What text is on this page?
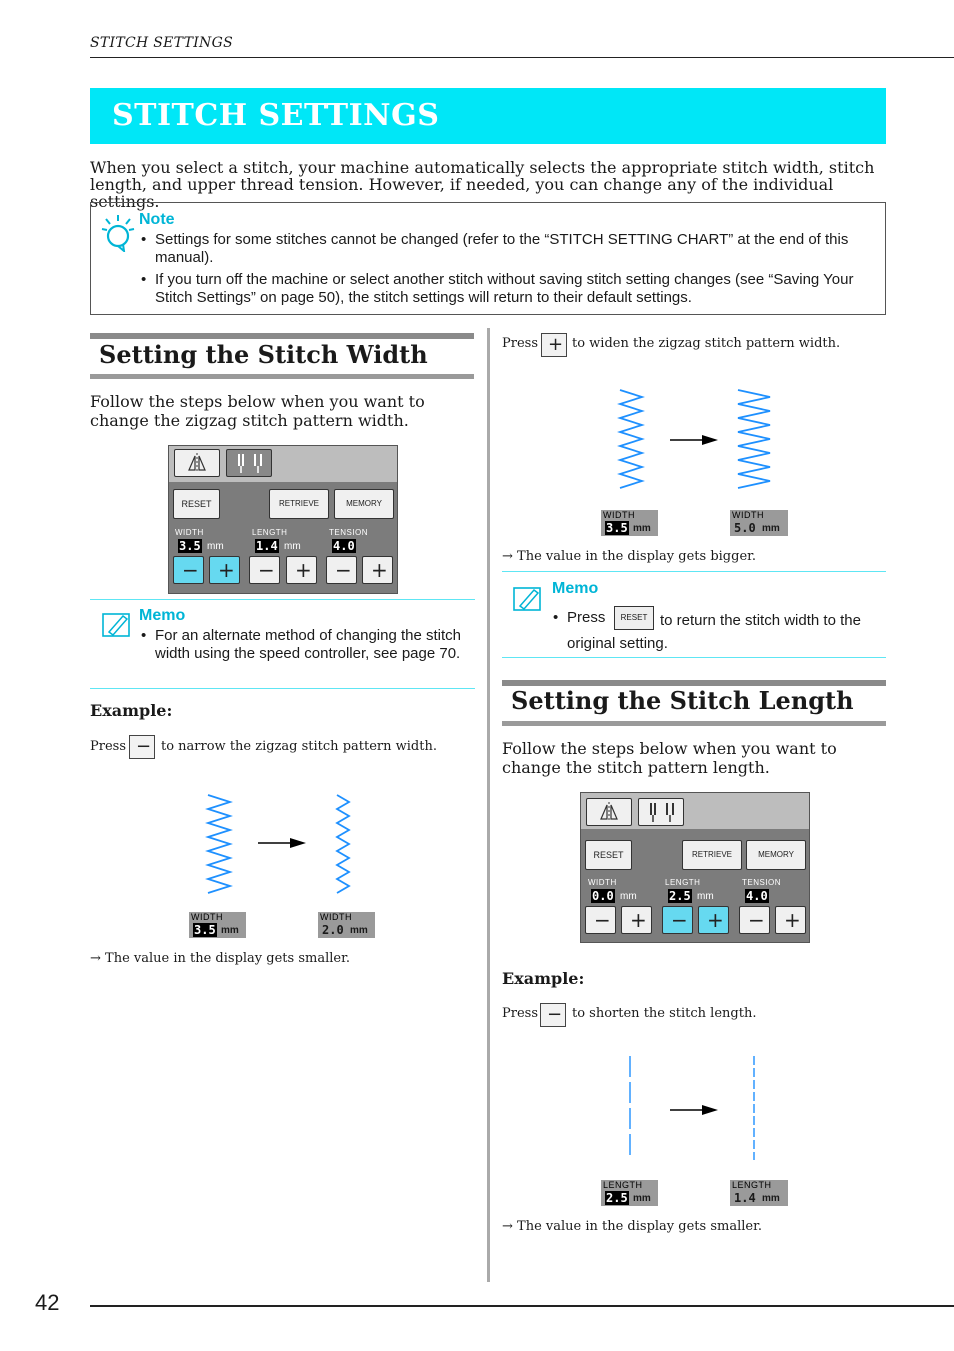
STITCH SETTINGS
STITCH SETTINGS
When you select a stitch, your machine automatically selects the appropriate stitch width, stitch length, and upper thread tension. However, if needed, you can change any of the individual settings.
Note
• Settings for some stitches cannot be changed (refer to the “STITCH SETTING CHART” at the end of this manual).
• If you turn off the machine or select another stitch without saving stitch setting changes (see “Saving Your Stitch Settings” on page 50), the stitch settings will return to their default settings.
Setting the Stitch Width
Follow the steps below when you want to change the zigzag stitch pattern width.
RESET	RETRIEVE	MEMORY
WIDTH
3.5 mm
LENGTH
1.4 mm
TENSION
4.0
− + − + − +
Memo
• For an alternate method of changing the stitch width using the speed controller, see page 70.
Example:
Press − to narrow the zigzag stitch pattern width.
WIDTH
3.5 mm
WIDTH
2.0 mm
→ The value in the display gets smaller.
Press + to widen the zigzag stitch pattern width.
WIDTH
3.5 mm
WIDTH
5.0 mm
→ The value in the display gets bigger.
Memo
• Press	RESET to return the stitch width to the original setting.
Setting the Stitch Length
Follow the steps below when you want to change the stitch pattern length.
RESET	RETRIEVE	MEMORY
WIDTH
0.0 mm
LENGTH
2.5 mm
TENSION
4.0
− + − + − +
Example:
Press − to shorten the stitch length.
LENGTH
2.5 mm
LENGTH
1.4 mm
→ The value in the display gets smaller.
42
